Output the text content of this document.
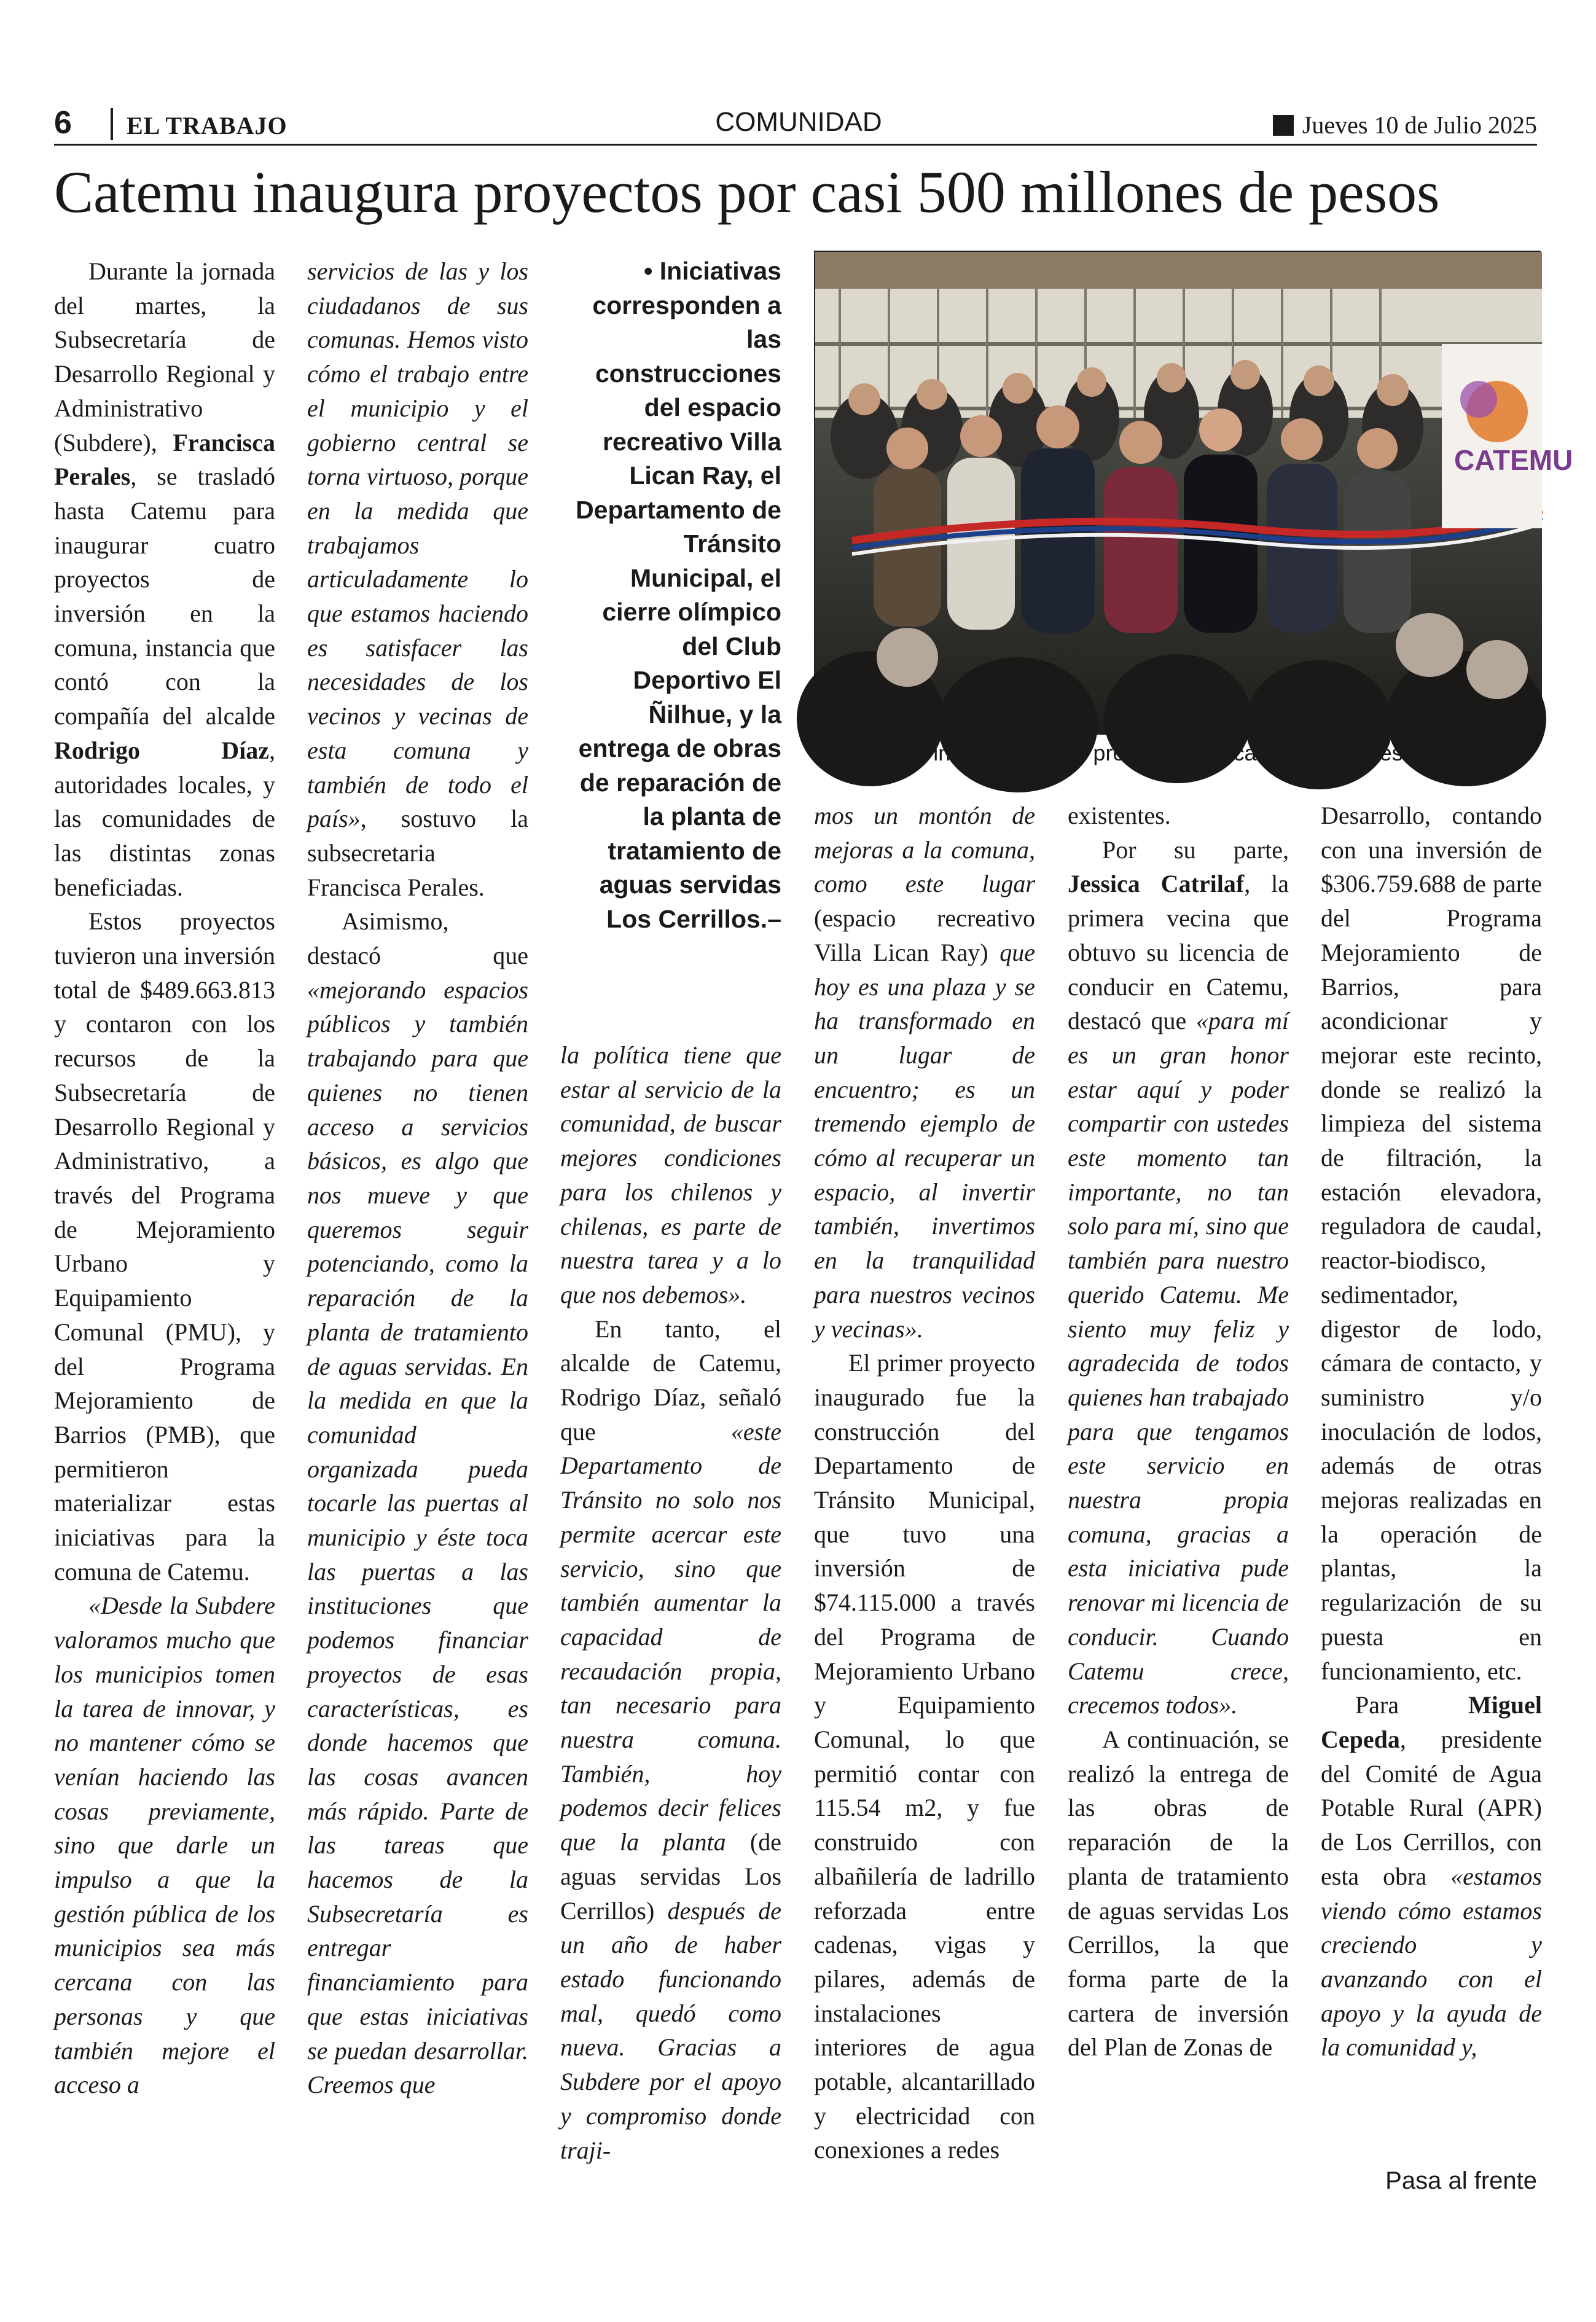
6 EL TRABAJO	COMUNIDAD	Jueves 10 de Julio 2025
Catemu inaugura proyectos por casi 500 millones de pesos

Durante la jornada del martes, la Subsecretaría de Desarrollo Regional y Administrativo (Subdere), Francisca Perales, se trasladó hasta Catemu para inaugurar cuatro proyectos de inversión en la comuna, instancia que contó con la compañía del alcalde Rodrigo Díaz, autoridades locales, y las comunidades de las distintas zonas beneficiadas.

Estos proyectos tuvieron una inversión total de $489.663.813 y contaron con los recursos de la Subsecretaría de Desarrollo Regional y Administrativo, a través del Programa de Mejoramiento Urbano y Equipamiento Comunal (PMU), y del Programa Mejoramiento de Barrios (PMB), que permitieron materializar estas iniciativas para la comuna de Catemu.

«Desde la Subdere valoramos mucho que los municipios tomen la tarea de innovar, y no mantener cómo se venían haciendo las cosas previamente, sino que darle un impulso a que la gestión pública de los municipios sea más cercana con las personas y que también mejore el acceso a

servicios de las y los ciudadanos de sus comunas. Hemos visto cómo el trabajo entre el municipio y el gobierno central se torna virtuoso, porque en la medida que trabajamos articuladamente lo que estamos haciendo es satisfacer las necesidades de los vecinos y vecinas de esta comuna y también de todo el país», sostuvo la subsecretaria Francisca Perales.

Asimismo, destacó que «mejorando espacios públicos y también trabajando para que quienes no tienen acceso a servicios básicos, es algo que nos mueve y que queremos seguir potenciando, como la reparación de la planta de tratamiento de aguas servidas. En la medida en que la comunidad organizada pueda tocarle las puertas al municipio y éste toca las puertas a las instituciones que podemos financiar proyectos de esas características, es donde hacemos que las cosas avancen más rápido. Parte de las tareas que hacemos de la Subsecretaría es entregar financiamiento para que estas iniciativas se puedan desarrollar. Creemos que

• Iniciativas corresponden a las construcciones del espacio recreativo Villa Lican Ray, el Departamento de Tránsito Municipal, el cierre olímpico del Club Deportivo El Ñilhue, y la entrega de obras de reparación de la planta de tratamiento de aguas servidas Los Cerrillos.–

la política tiene que estar al servicio de la comunidad, de buscar mejores condiciones para los chilenos y chilenas, es parte de nuestra tarea y a lo que nos debemos».

En tanto, el alcalde de Catemu, Rodrigo Díaz, señaló que «este Departamento de Tránsito no solo nos permite acercar este servicio, sino que también aumentar la capacidad de recaudación propia, tan necesario para nuestra comuna. También, hoy podemos decir felices que la planta (de aguas servidas Los Cerrillos) después de un año de haber estado funcionando mal, quedó como nueva. Gracias a Subdere por el apoyo y compromiso donde traji-

CATEMU
Catemu inauguró cuatro proyectos por casi 500 millones de pesos.

mos un montón de mejoras a la comuna, como este lugar (espacio recreativo Villa Lican Ray) que hoy es una plaza y se ha transformado en un lugar de encuentro; es un tremendo ejemplo de cómo al recuperar un espacio, al invertir también, invertimos en la tranquilidad para nuestros vecinos y vecinas».

El primer proyecto inaugurado fue la construcción del Departamento de Tránsito Municipal, que tuvo una inversión de $74.115.000 a través del Programa de Mejoramiento Urbano y Equipamiento Comunal, lo que permitió contar con 115.54 m2, y fue construido con albañilería de ladrillo reforzada entre cadenas, vigas y pilares, además de instalaciones interiores de agua potable, alcantarillado y electricidad con conexiones a redes

existentes.

Por su parte, Jessica Catrilaf, la primera vecina que obtuvo su licencia de conducir en Catemu, destacó que «para mí es un gran honor estar aquí y poder compartir con ustedes este momento tan importante, no tan solo para mí, sino que también para nuestro querido Catemu. Me siento muy feliz y agradecida de todos quienes han trabajado para que tengamos este servicio en nuestra propia comuna, gracias a esta iniciativa pude renovar mi licencia de conducir. Cuando Catemu crece, crecemos todos».

A continuación, se realizó la entrega de las obras de reparación de la planta de tratamiento de aguas servidas Los Cerrillos, la que forma parte de la cartera de inversión del Plan de Zonas de

Desarrollo, contando con una inversión de $306.759.688 de parte del Programa Mejoramiento de Barrios, para acondicionar y mejorar este recinto, donde se realizó la limpieza del sistema de filtración, la estación elevadora, reguladora de caudal, reactor-biodisco, sedimentador, digestor de lodo, cámara de contacto, y suministro y/o inoculación de lodos, además de otras mejoras realizadas en la operación de plantas, la regularización de su puesta en funcionamiento, etc.

Para Miguel Cepeda, presidente del Comité de Agua Potable Rural (APR) de Los Cerrillos, con esta obra «estamos viendo cómo estamos creciendo y avanzando con el apoyo y la ayuda de la comunidad y,

Pasa al frente
